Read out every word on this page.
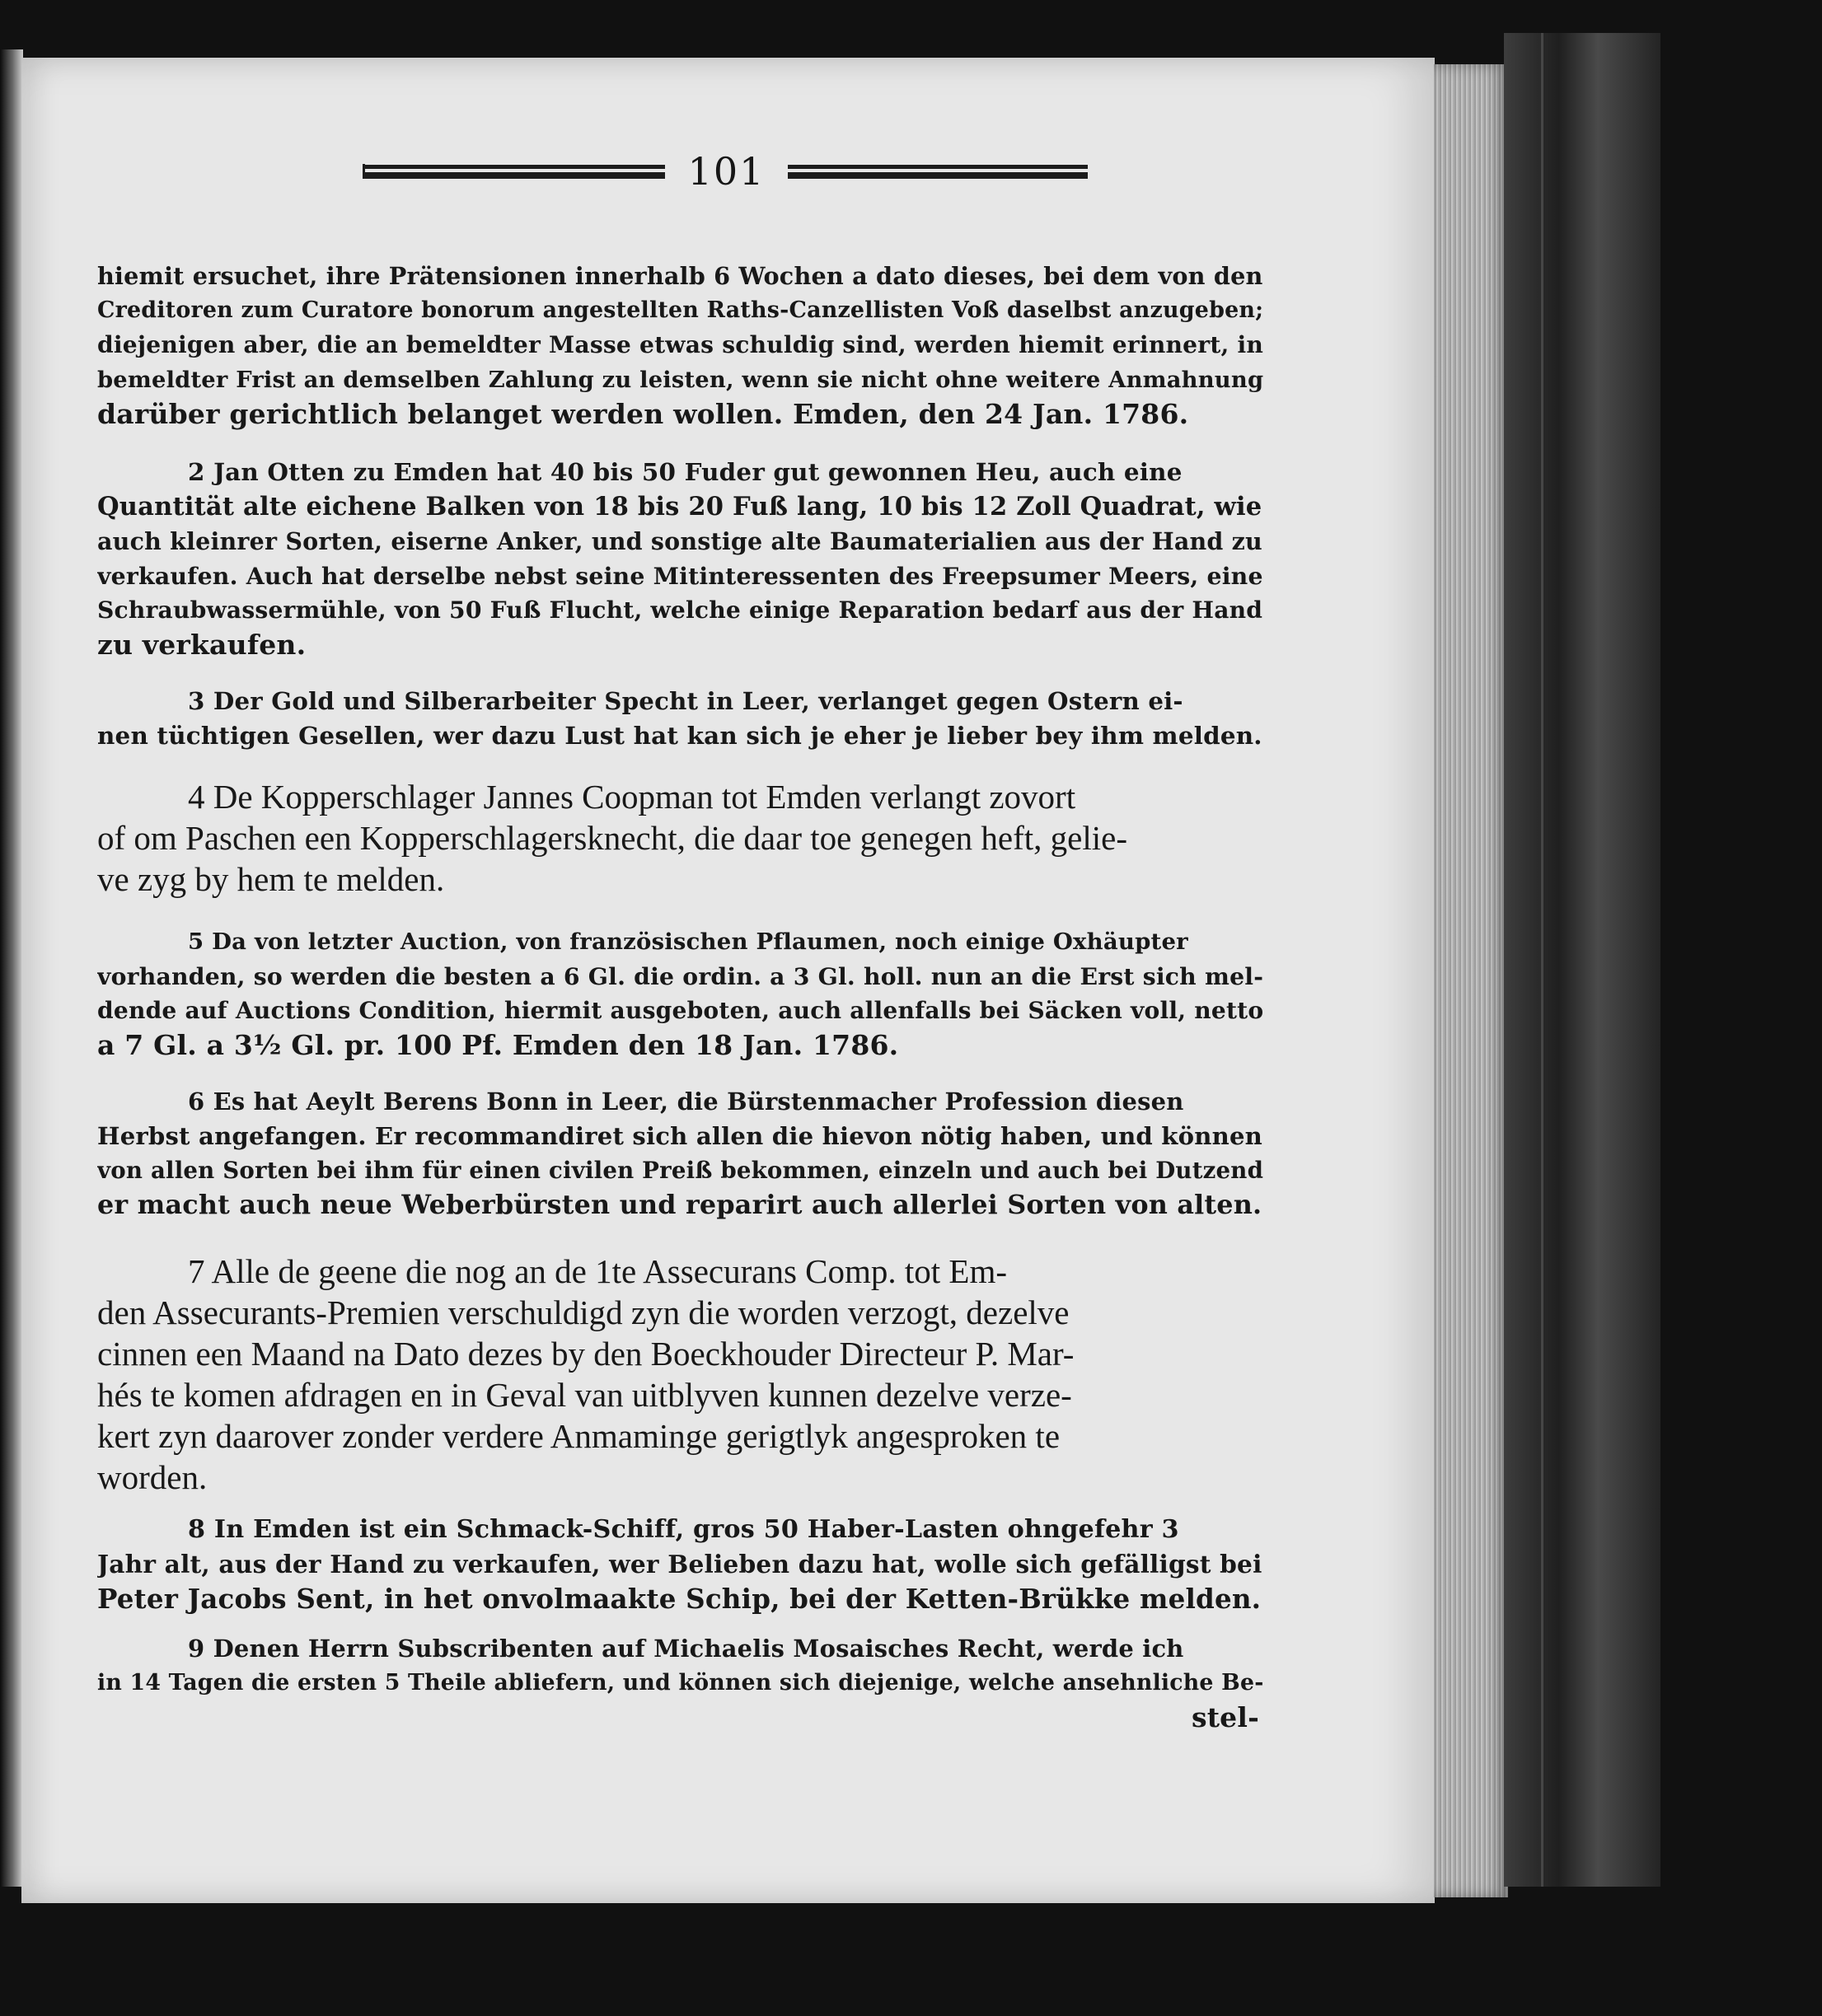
101

hiemit ersuchet, ihre Prätensionen innerhalb 6 Wochen a dato dieses, bei dem von den
Creditoren zum Curatore bonorum angestellten Raths-Canzellisten Voß daselbst anzugeben;
diejenigen aber, die an bemeldter Masse etwas schuldig sind, werden hiemit erinnert, in
bemeldter Frist an demselben Zahlung zu leisten, wenn sie nicht ohne weitere Anmahnung
darüber gerichtlich belanget werden wollen. Emden, den 24 Jan. 1786.

2 Jan Otten zu Emden hat 40 bis 50 Fuder gut gewonnen Heu, auch eine
Quantität alte eichene Balken von 18 bis 20 Fuß lang, 10 bis 12 Zoll Quadrat, wie
auch kleinrer Sorten, eiserne Anker, und sonstige alte Baumaterialien aus der Hand zu
verkaufen. Auch hat derselbe nebst seine Mitinteressenten des Freepsumer Meers, eine
Schraubwassermühle, von 50 Fuß Flucht, welche einige Reparation bedarf aus der Hand
zu verkaufen.

3 Der Gold und Silberarbeiter Specht in Leer, verlanget gegen Ostern ei-
nen tüchtigen Gesellen, wer dazu Lust hat kan sich je eher je lieber bey ihm melden.

4 De Kopperschlager Jannes Coopman tot Emden verlangt zovort
of om Paschen een Kopperschlagersknecht, die daar toe genegen heft, gelie-
ve zyg by hem te melden.

5 Da von letzter Auction, von französischen Pflaumen, noch einige Oxhäupter
vorhanden, so werden die besten a 6 Gl. die ordin. a 3 Gl. holl. nun an die Erst sich mel-
dende auf Auctions Condition, hiermit ausgeboten, auch allenfalls bei Säcken voll, netto
a 7 Gl. a 3½ Gl. pr. 100 Pf. Emden den 18 Jan. 1786.

6 Es hat Aeylt Berens Bonn in Leer, die Bürstenmacher Profession diesen
Herbst angefangen. Er recommandiret sich allen die hievon nötig haben, und können
von allen Sorten bei ihm für einen civilen Preiß bekommen, einzeln und auch bei Dutzend
er macht auch neue Weberbürsten und reparirt auch allerlei Sorten von alten.

7 Alle de geene die nog an de 1te Assecurans Comp. tot Em-
den Assecurants-Premien verschuldigd zyn die worden verzogt, dezelve
cinnen een Maand na Dato dezes by den Boeckhouder Directeur P. Mar-
hés te komen afdragen en in Geval van uitblyven kunnen dezelve verze-
kert zyn daarover zonder verdere Anmaminge gerigtlyk angesproken te
worden.

8 In Emden ist ein Schmack-Schiff, gros 50 Haber-Lasten ohngefehr 3
Jahr alt, aus der Hand zu verkaufen, wer Belieben dazu hat, wolle sich gefälligst bei
Peter Jacobs Sent, in het onvolmaakte Schip, bei der Ketten-Brükke melden.

9 Denen Herrn Subscribenten auf Michaelis Mosaisches Recht, werde ich
in 14 Tagen die ersten 5 Theile abliefern, und können sich diejenige, welche ansehnliche Be-
stel-
